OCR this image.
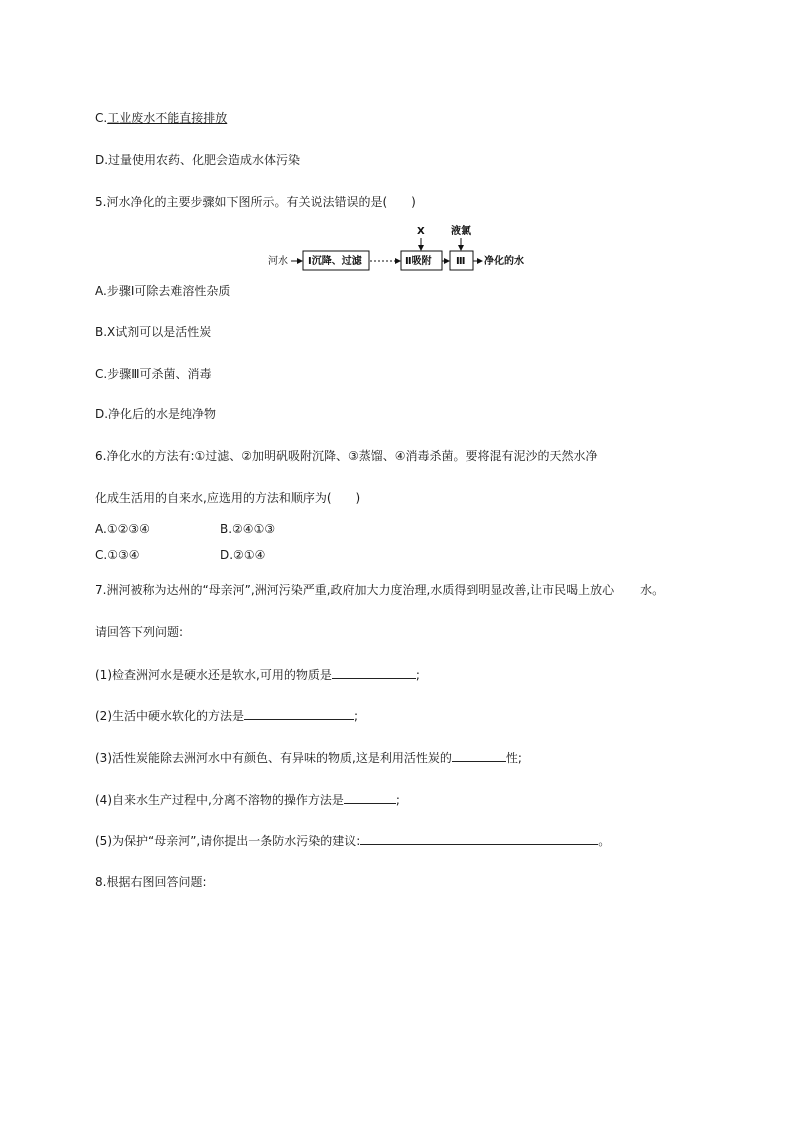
C.工业废水不能直接排放
D.过量使用农药、化肥会造成水体污染
5.河水净化的主要步骤如下图所示。有关说法错误的是(　　)
河水 Ⅰ沉降、过滤
X
Ⅱ吸附
液氯
Ⅲ 净化的水
A.步骤Ⅰ可除去难溶性杂质
B.X试剂可以是活性炭
C.步骤Ⅲ可杀菌、消毒
D.净化后的水是纯净物
6.净化水的方法有:①过滤、②加明矾吸附沉降、③蒸馏、④消毒杀菌。要将混有泥沙的天然水净
化成生活用的自来水,应选用的方法和顺序为(　　)
A.①②③④	B.②④①③
C.①③④	D.②①④
7.洲河被称为达州的“母亲河”,洲河污染严重,政府加大力度治理,水质得到明显改善,让市民喝上放心 水。
请回答下列问题:
(1)检查洲河水是硬水还是软水,可用的物质是	;
(2)生活中硬水软化的方法是	;
(3)活性炭能除去洲河水中有颜色、有异味的物质,这是利用活性炭的	性;
(4)自来水生产过程中,分离不溶物的操作方法是	;
(5)为保护“母亲河”,请你提出一条防水污染的建议:	。
8.根据右图回答问题:
